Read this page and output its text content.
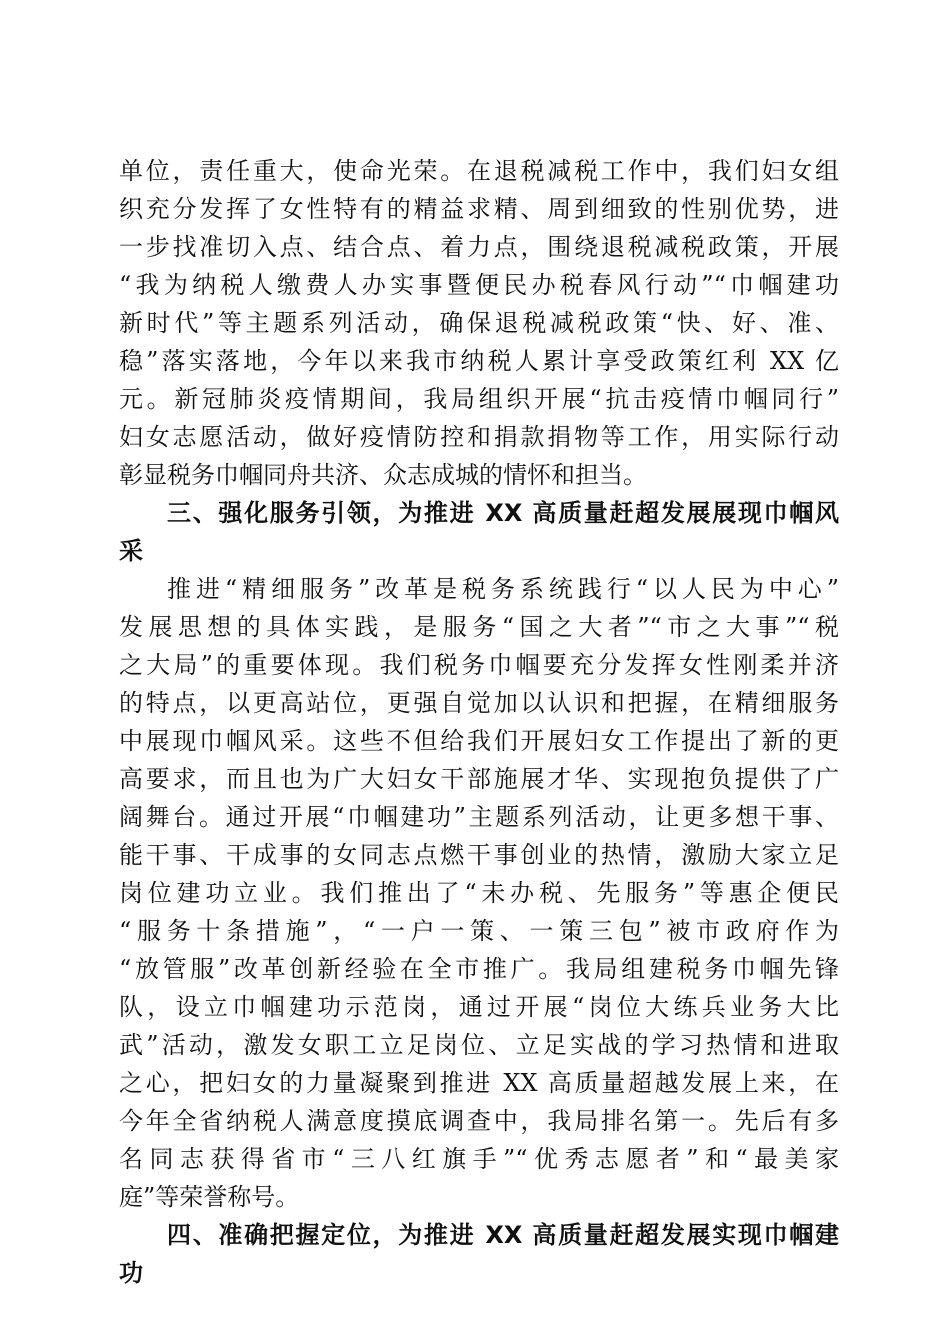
单位，责任重大，使命光荣。在退税减税工作中，我们妇女组
织充分发挥了女性特有的精益求精、周到细致的性别优势，进
一步找准切入点、结合点、着力点，围绕退税减税政策，开展
“我为纳税人缴费人办实事暨便民办税春风行动”“巾帼建功
新时代”等主题系列活动，确保退税减税政策“快、好、准、
稳”落实落地，今年以来我市纳税人累计享受政策红利 XX 亿
元。新冠肺炎疫情期间，我局组织开展“抗击疫情巾帼同行”
妇女志愿活动，做好疫情防控和捐款捐物等工作，用实际行动
彰显税务巾帼同舟共济、众志成城的情怀和担当。
三、强化服务引领，为推进 XX 高质量赶超发展展现巾帼风
采
推进“精细服务”改革是税务系统践行“以人民为中心”
发展思想的具体实践，是服务“国之大者”“市之大事”“税
之大局”的重要体现。我们税务巾帼要充分发挥女性刚柔并济
的特点，以更高站位，更强自觉加以认识和把握，在精细服务
中展现巾帼风采。这些不但给我们开展妇女工作提出了新的更
高要求，而且也为广大妇女干部施展才华、实现抱负提供了广
阔舞台。通过开展“巾帼建功”主题系列活动，让更多想干事、
能干事、干成事的女同志点燃干事创业的热情，激励大家立足
岗位建功立业。我们推出了“未办税、先服务”等惠企便民
“服务十条措施”，“一户一策、一策三包”被市政府作为
“放管服”改革创新经验在全市推广。我局组建税务巾帼先锋
队，设立巾帼建功示范岗，通过开展“岗位大练兵业务大比
武”活动，激发女职工立足岗位、立足实战的学习热情和进取
之心，把妇女的力量凝聚到推进 XX 高质量超越发展上来，在
今年全省纳税人满意度摸底调查中，我局排名第一。先后有多
名同志获得省市“三八红旗手”“优秀志愿者”和“最美家
庭”等荣誉称号。
四、准确把握定位，为推进 XX 高质量赶超发展实现巾帼建
功
